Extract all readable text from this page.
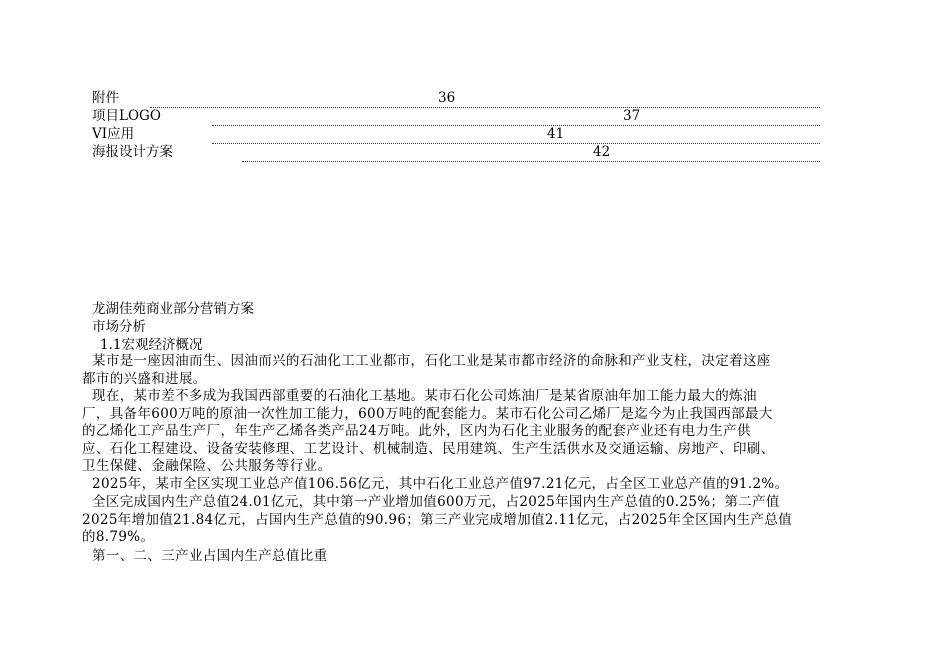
附件	36
项目LOGO	37
VI应用	41
海报设计方案	42
龙湖佳苑商业部分营销方案
市场分析
1.1宏观经济概况
某市是一座因油而生、因油而兴的石油化工工业都市，石化工业是某市都市经济的命脉和产业支柱，决定着这座
都市的兴盛和进展。
现在，某市差不多成为我国西部重要的石油化工基地。某市石化公司炼油厂是某省原油年加工能力最大的炼油
厂，具备年600万吨的原油一次性加工能力，600万吨的配套能力。某市石化公司乙烯厂是迄今为止我国西部最大
的乙烯化工产品生产厂，年生产乙烯各类产品24万吨。此外，区内为石化主业服务的配套产业还有电力生产供
应、石化工程建设、设备安装修理、工艺设计、机械制造、民用建筑、生产生活供水及交通运输、房地产、印刷、
卫生保健、金融保险、公共服务等行业。
2025年，某市全区实现工业总产值106.56亿元，其中石化工业总产值97.21亿元，占全区工业总产值的91.2%。
全区完成国内生产总值24.01亿元，其中第一产业增加值600万元，占2025年国内生产总值的0.25%；第二产值
2025年增加值21.84亿元，占国内生产总值的90.96；第三产业完成增加值2.11亿元，占2025年全区国内生产总值
的8.79%。
第一、二、三产业占国内生产总值比重
